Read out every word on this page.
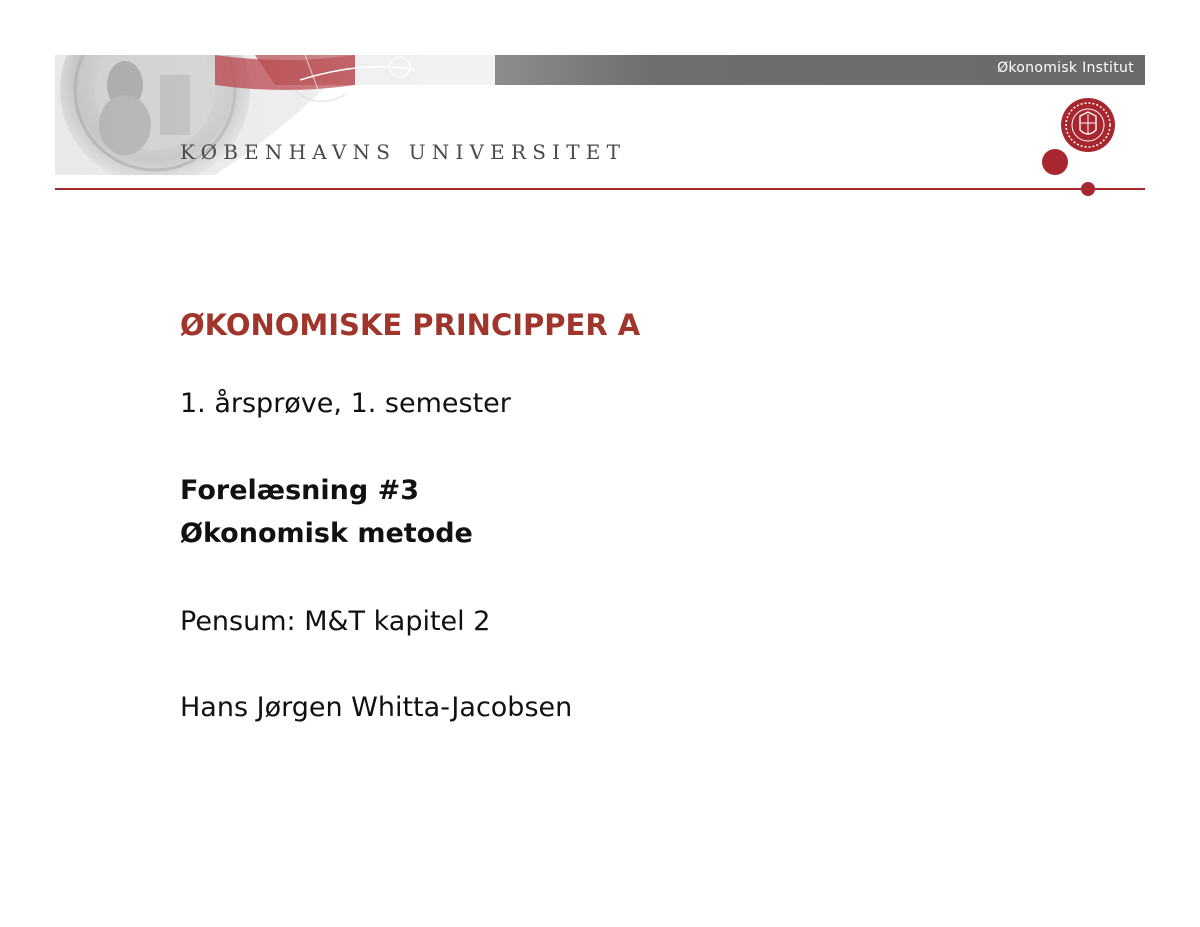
Økonomisk Institut
KØBENHAVNS UNIVERSITET
ØKONOMISKE PRINCIPPER A
1. årsprøve, 1. semester
Forelæsning #3
Økonomisk metode
Pensum: M&T kapitel 2
Hans Jørgen Whitta-Jacobsen
